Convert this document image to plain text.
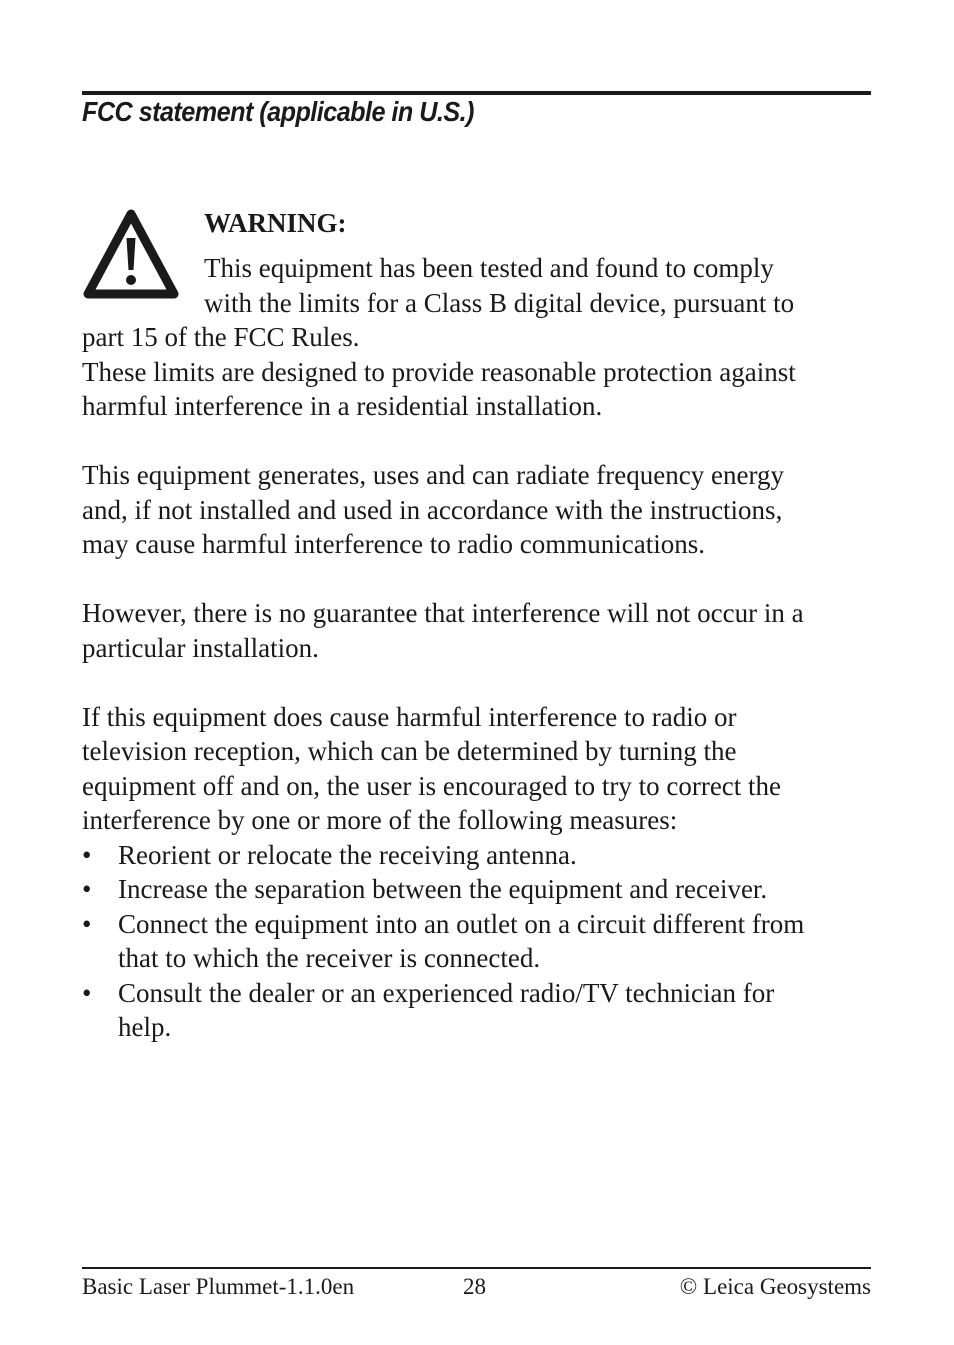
FCC statement (applicable in U.S.)
WARNING:
This equipment has been tested and found to comply
with the limits for a Class B digital device, pursuant to
part 15 of the FCC Rules.
These limits are designed to provide reasonable protection against
harmful interference in a residential installation.
This equipment generates, uses and can radiate frequency energy
and, if not installed and used in accordance with the instructions,
may cause harmful interference to radio communications.
However, there is no guarantee that interference will not occur in a
particular installation.
If this equipment does cause harmful interference to radio or
television reception, which can be determined by turning the
equipment off and on, the user is encouraged to try to correct the
interference by one or more of the following measures:
• Reorient or relocate the receiving antenna.
• Increase the separation between the equipment and receiver.
• Connect the equipment into an outlet on a circuit different from
that to which the receiver is connected.
• Consult the dealer or an experienced radio/TV technician for
help.
Basic Laser Plummet-1.1.0en	28	© Leica Geosystems
